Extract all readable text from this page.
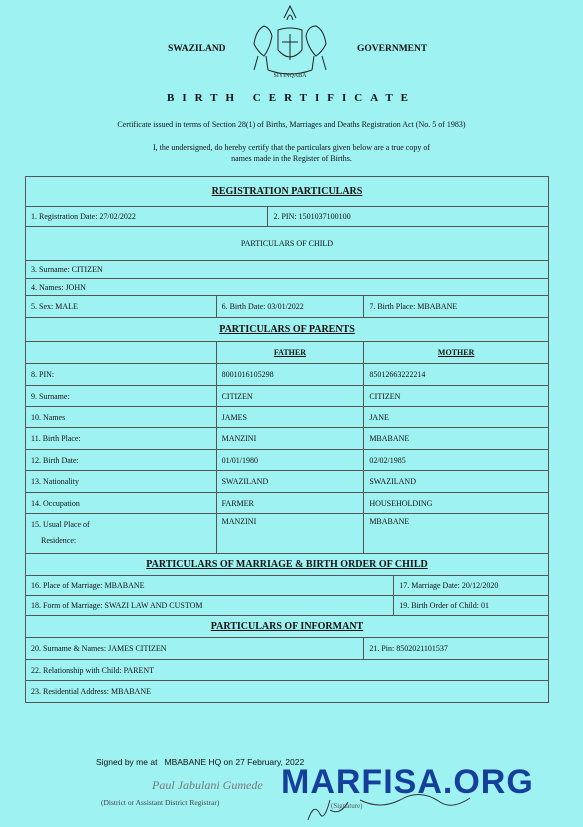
SWAZILAND	GOVERNMENT
SIYINQABA
BIRTH CERTIFICATE
Certificate issued in terms of Section 28(1) of Births, Marriages and Deaths Registration Act (No. 5 of 1983)
I, the undersigned, do hereby certify that the particulars given below are a true copy of names made in the Register of Births.
REGISTRATION PARTICULARS				
1. Registration Date: 27/02/2022		2. PIN: 1501037100100		
PARTICULARS OF CHILD				
3. Surname: CITIZEN				
4. Names: JOHN				
5. Sex: MALE	6. Birth Date: 03/01/2022		7. Birth Place: MBABANE	
PARTICULARS OF PARENTS				
	FATHER		MOTHER	
8. PIN:	8001016105298		85012663222214	
9. Surname:	CITIZEN		CITIZEN	
10. Names	JAMES		JANE	
11. Birth Place:	MANZINI		MBABANE	
12. Birth Date:	01/01/1980		02/02/1985	
13. Nationality	SWAZILAND		SWAZILAND	
14. Occupation	FARMER		HOUSEHOLDING	

15. Usual Place of
Residence:	MANZINI		MBABANE	
PARTICULARS OF MARRIAGE & BIRTH ORDER OF CHILD				
16. Place of Marriage: MBABANE				17. Marriage Date: 20/12/2020
18. Form of Marriage: SWAZI LAW AND CUSTOM				19. Birth Order of Child: 01
PARTICULARS OF INFORMANT				
20. Surname & Names: JAMES CITIZEN			21. Pin: 8502021101537	
22. Relationship with Child: PARENT				
23. Residential Address: MBABANE				
Signed by me at   MBABANE HQ on 27 February, 2022
Paul Jabulani Gumede
(District or Assistant District Registrar)	(Signature)
MARFISA.ORG
